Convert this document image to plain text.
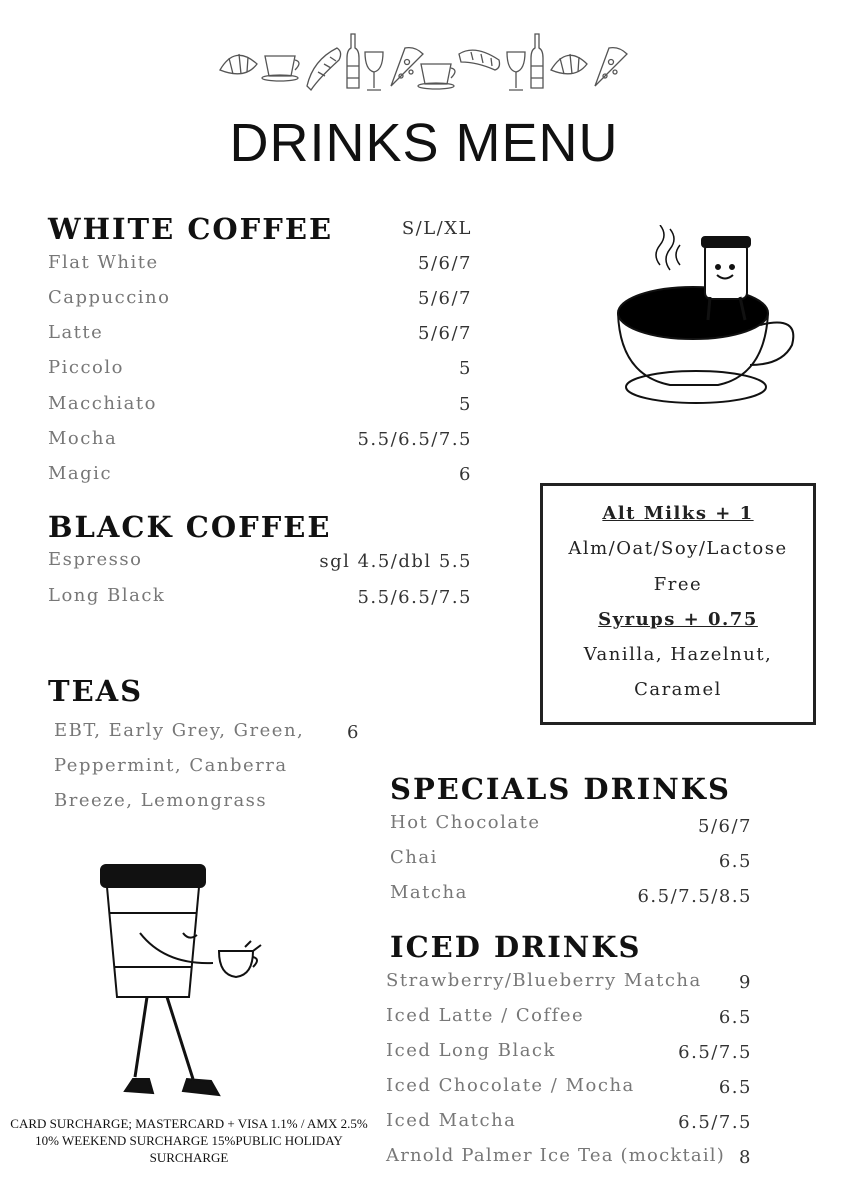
DRINKS MENU
WHITE COFFEE	S/L/XL
Flat White	5/6/7
Cappuccino	5/6/7
Latte	5/6/7
Piccolo	5
Macchiato	5
Mocha	5.5/6.5/7.5
Magic	6
BLACK COFFEE
Espresso	sgl 4.5/dbl 5.5
Long Black	5.5/6.5/7.5
TEAS
EBT, Early Grey, Green,
Peppermint, Canberra
Breeze, Lemongrass
6
Alt Milks + 1
Alm/Oat/Soy/Lactose
Free
Syrups + 0.75
Vanilla, Hazelnut,
Caramel
SPECIALS DRINKS
Hot Chocolate	5/6/7
Chai	6.5
Matcha	6.5/7.5/8.5
ICED DRINKS
Strawberry/Blueberry Matcha 9
Iced Latte / Coffee	6.5
Iced Long Black	6.5/7.5
Iced Chocolate / Mocha	6.5
Iced Matcha	6.5/7.5
Arnold Palmer Ice Tea (mocktail) 8
CARD SURCHARGE; MASTERCARD + VISA 1.1% / AMX 2.5%
10% WEEKEND SURCHARGE 15%PUBLIC HOLIDAY SURCHARGE
